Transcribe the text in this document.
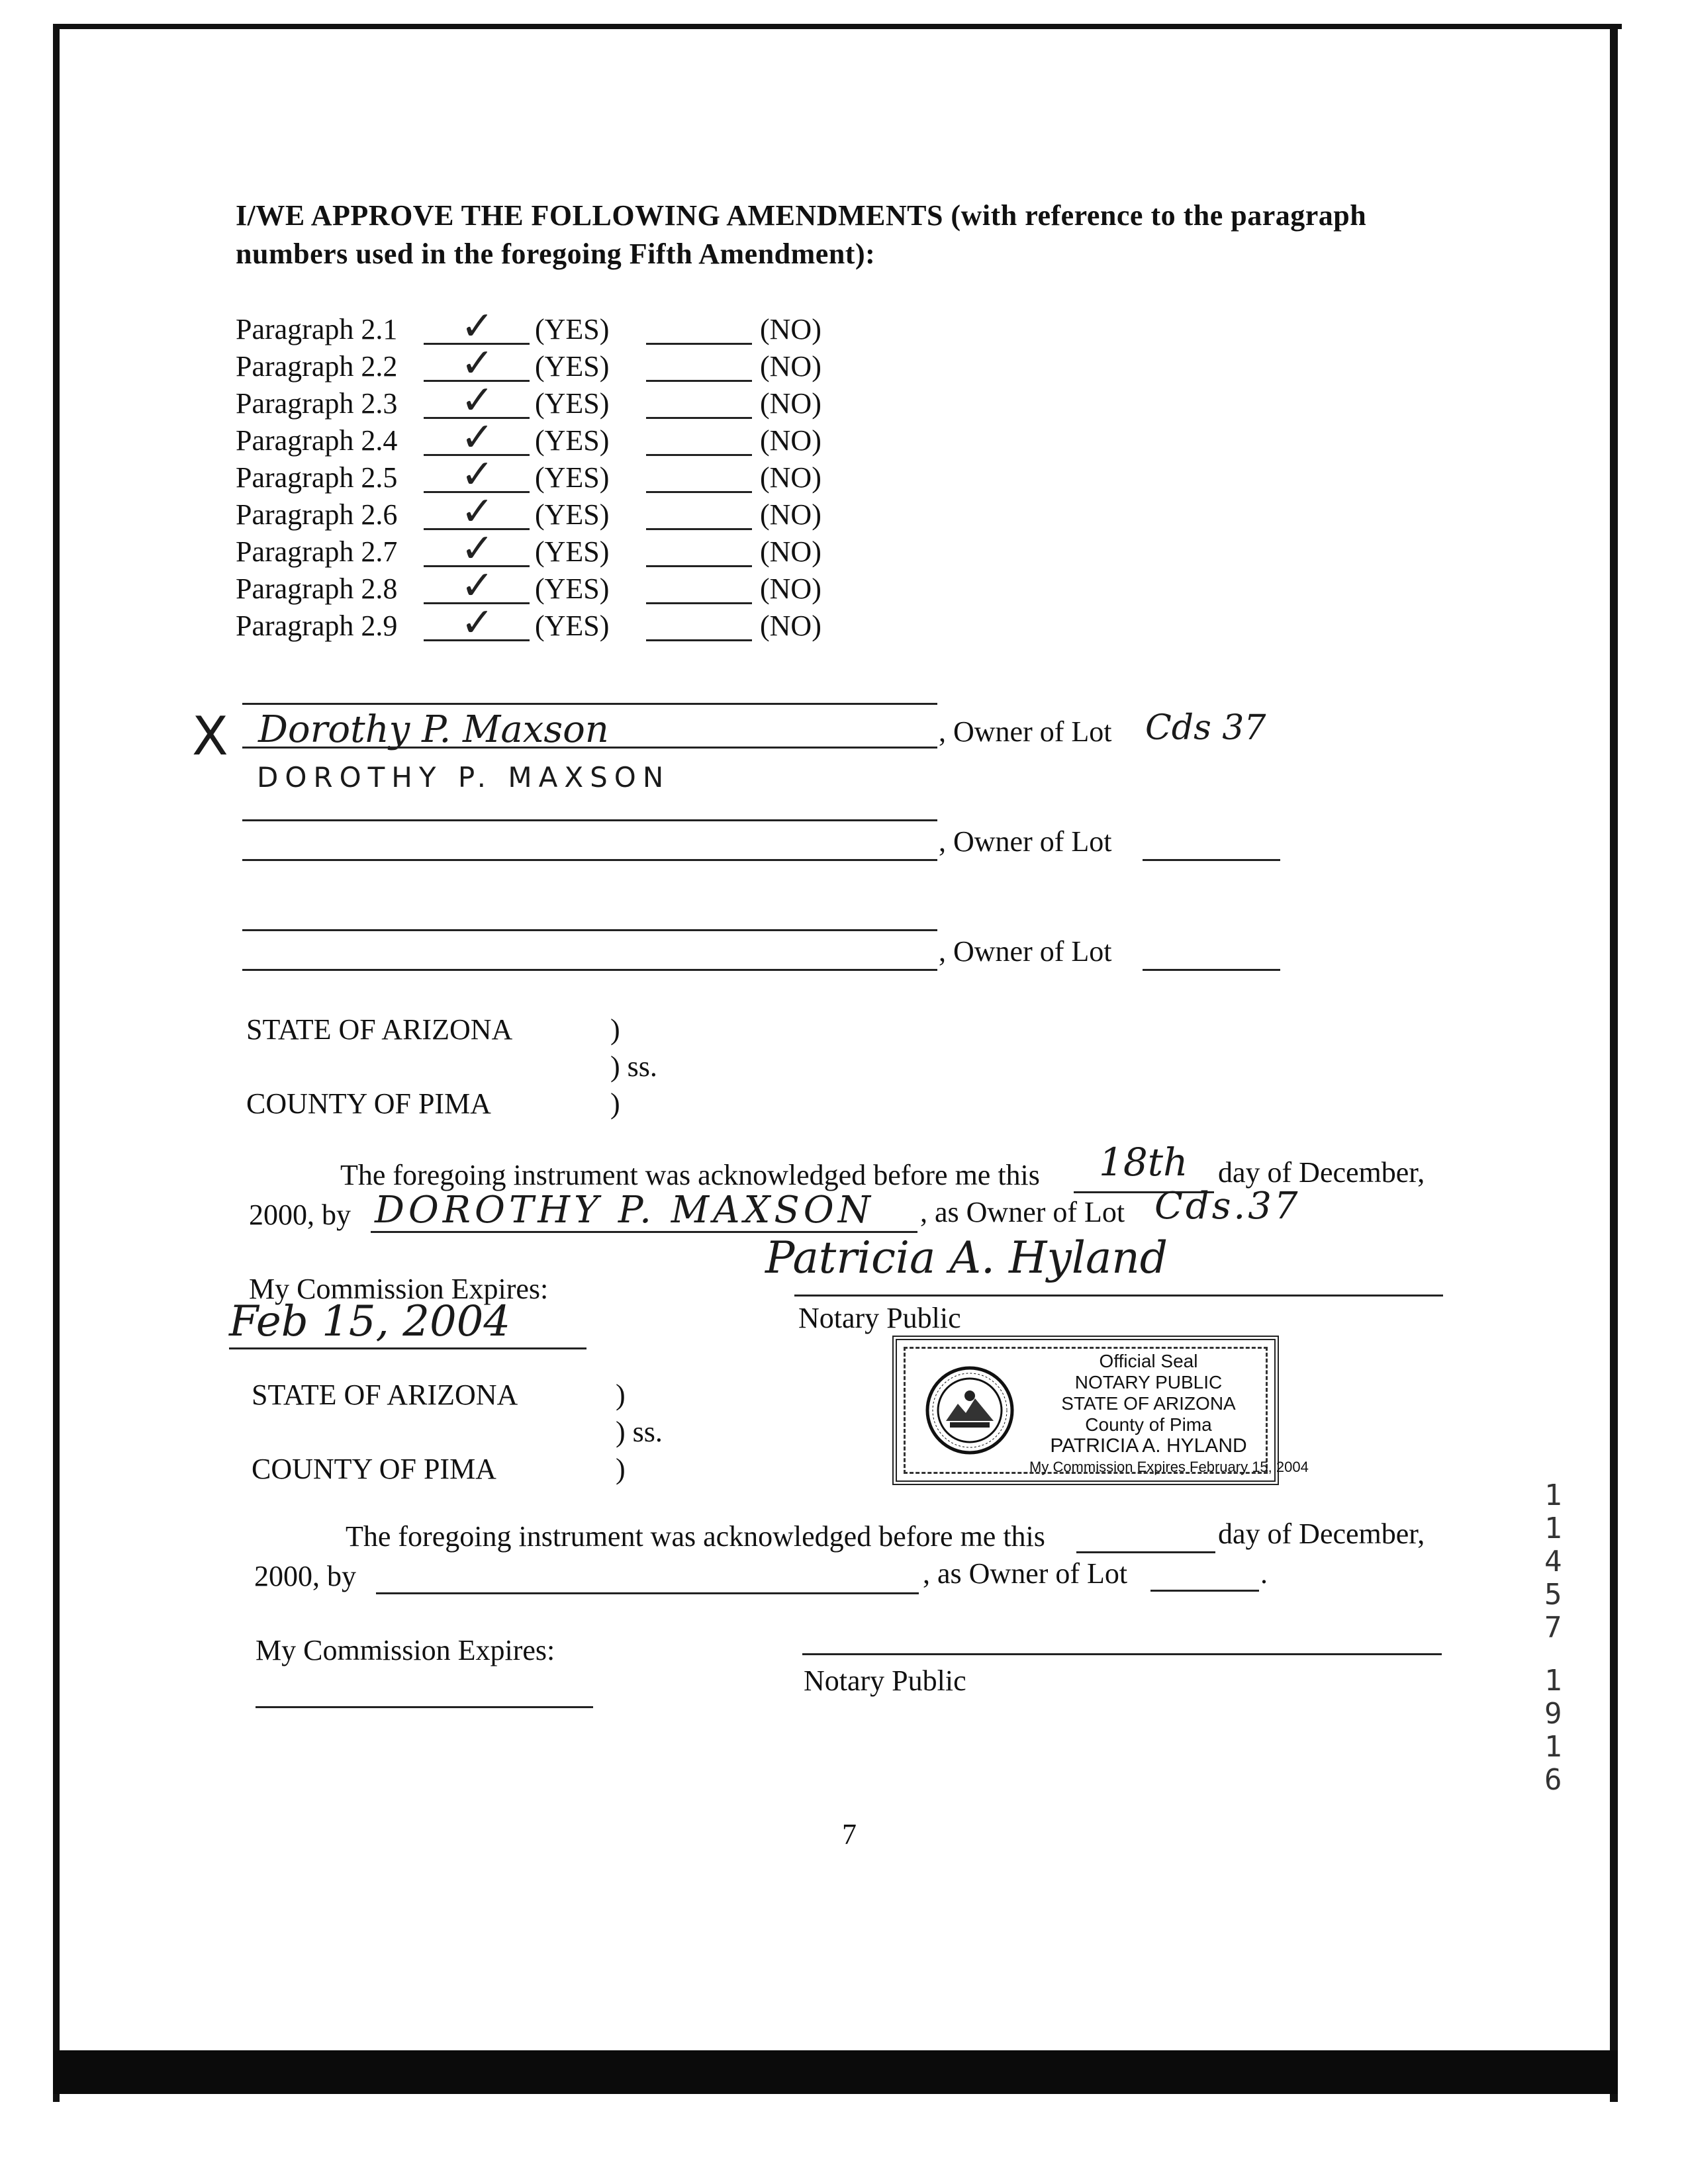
I/WE APPROVE THE FOLLOWING AMENDMENTS (with reference to the paragraph
numbers used in the foregoing Fifth Amendment):
Paragraph 2.1 ✓ (YES)	(NO)
Paragraph 2.2 ✓ (YES)	(NO)
Paragraph 2.3 ✓ (YES)	(NO)
Paragraph 2.4 ✓ (YES)	(NO)
Paragraph 2.5 ✓ (YES)	(NO)
Paragraph 2.6 ✓ (YES)	(NO)
Paragraph 2.7 ✓ (YES)	(NO)
Paragraph 2.8 ✓ (YES)	(NO)
Paragraph 2.9 ✓ (YES)	(NO)
X Dorothy P. Maxson	, Owner of Lot Cds 37
DOROTHY P. MAXSON
, Owner of Lot
, Owner of Lot
STATE OF ARIZONA	)
) ss.
COUNTY OF PIMA	)
The foregoing instrument was acknowledged before me this 18th day of December,
2000, by DOROTHY P. MAXSON , as Owner of Lot Cds.37
My Commission Expires:
Feb 15, 2004
Patricia A. Hyland
Notary Public
Official Seal
NOTARY PUBLIC
STATE OF ARIZONA
County of Pima
PATRICIA A. HYLAND
My Commission Expires February 15, 2004
STATE OF ARIZONA	)
) ss.
COUNTY OF PIMA	)
The foregoing instrument was acknowledged before me this	day of December,
2000, by	, as Owner of Lot	.
My Commission Expires:
Notary Public
7
1
1
4
5
7
1
9
1
6
